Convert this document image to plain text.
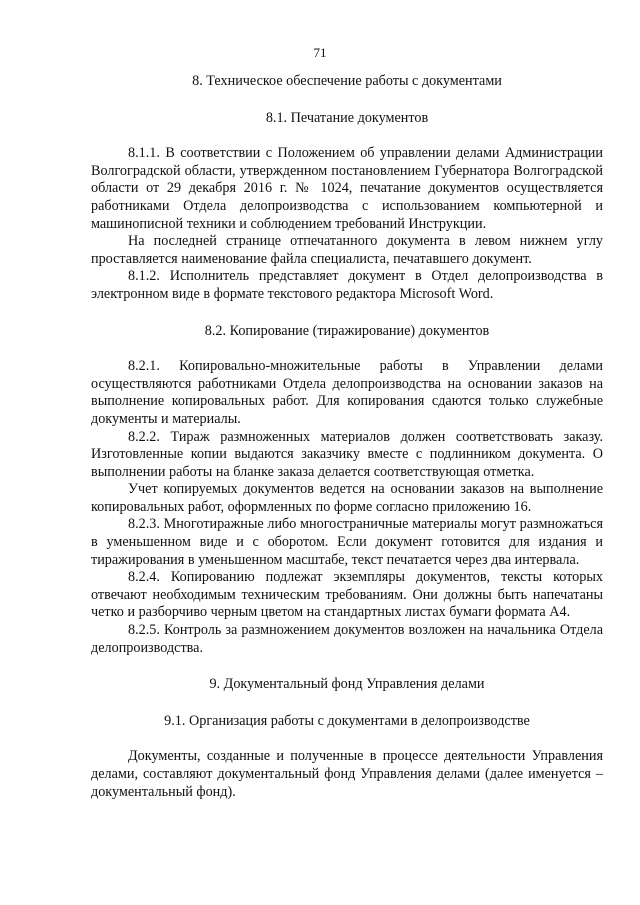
71

8. Техническое обеспечение работы с документами

8.1. Печатание документов

8.1.1. В соответствии с Положением об управлении делами Администрации Волгоградской области, утвержденном постановлением Губернатора Волгоградской области от 29 декабря 2016 г. № 1024, печатание документов осуществляется работниками Отдела делопроизводства с использованием компьютерной и машинописной техники и соблюдением требований Инструкции.

На последней странице отпечатанного документа в левом нижнем углу проставляется наименование файла специалиста, печатавшего документ.

8.1.2. Исполнитель представляет документ в Отдел делопроизводства в электронном виде в формате текстового редактора Microsoft Word.

8.2. Копирование (тиражирование) документов

8.2.1. Копировально-множительные работы в Управлении делами осуществляются работниками Отдела делопроизводства на основании заказов на выполнение копировальных работ. Для копирования сдаются только служебные документы и материалы.

8.2.2. Тираж размноженных материалов должен соответствовать заказу. Изготовленные копии выдаются заказчику вместе с подлинником документа. О выполнении работы на бланке заказа делается соответствующая отметка.

Учет копируемых документов ведется на основании заказов на выполнение копировальных работ, оформленных по форме согласно приложению 16.

8.2.3. Многотиражные либо многостраничные материалы могут размножаться в уменьшенном виде и с оборотом. Если документ готовится для издания и тиражирования в уменьшенном масштабе, текст печатается через два интервала.

8.2.4. Копированию подлежат экземпляры документов, тексты которых отвечают необходимым техническим требованиям. Они должны быть напечатаны четко и разборчиво черным цветом на стандартных листах бумаги формата А4.

8.2.5. Контроль за размножением документов возложен на начальника Отдела делопроизводства.

9. Документальный фонд Управления делами

9.1. Организация работы с документами в делопроизводстве

Документы, созданные и полученные в процессе деятельности Управления делами, составляют документальный фонд Управления делами (далее именуется – документальный фонд).
